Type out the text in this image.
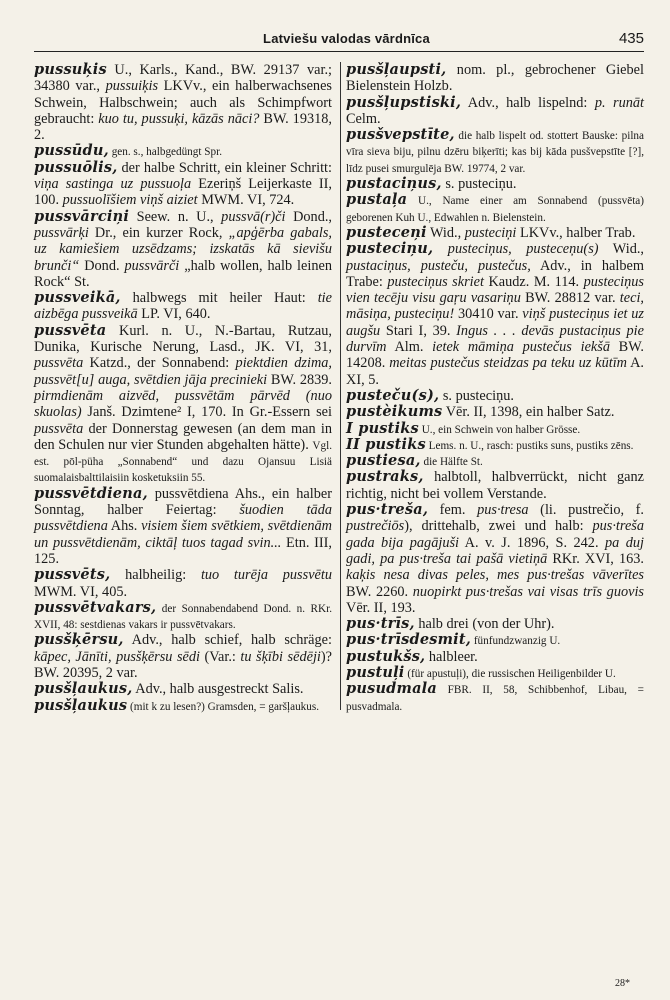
Latviešu valodas vārdnīca	435
pussuķis U., Karls., Kand., BW. 29137 var.; 34380 var., pussuiķis LKVv., ein halberwachsenes Schwein, Halbschwein; auch als Schimpfwort gebraucht: kuo tu, pussuķi, kāzās nāci? BW. 19318, 2.
pussūdu, gen. s., halbgedüngt Spr.
pussuōlis, der halbe Schritt, ein kleiner Schritt: viņa sastinga uz pussuoļa Ezeriņš Leijerkaste II, 100. pussuolīšiem viņš aiziet MWM. VI, 724.
pussvārciņi Seew. n. U., pussvā(r)či Dond., pussvārķi Dr., ein kurzer Rock, „apģērba gabals, uz kamiešiem uzsēdzams; izskatās kā sievišu brunči“ Dond. pussvārči „halb wollen, halb leinen Rock“ St.
pussveikā, halbwegs mit heiler Haut: tie aizbēga pussveikā LP. VI, 640.
pussvēta Kurl. n. U., N.-Bartau, Rutzau, Dunika, Kurische Nerung, Lasd., JK. VI, 31, pussvēta Katzd., der Sonnabend: piektdien dzima, pussvēt[u] auga, svētdien jāja precinieki BW. 2839. pirmdienām aizvēd, pussvētām pārvēd (nuo skuolas) Janš. Dzimtene² I, 170. In Gr.-Essern sei pussvēta der Donnerstag gewesen (an dem man in den Schulen nur vier Stunden abgehalten hätte). Vgl. est. pōl-püha „Sonnabend“ und dazu Ojansuu Lisiä suomalaisbalttilaisiin kosketuksiin 55.
pussvētdiena, pussvētdiena Ahs., ein halber Sonntag, halber Feiertag: šuodien tāda pussvētdiena Ahs. visiem šiem svētkiem, svētdienām un pussvētdienām, ciktāļ tuos tagad svin... Etn. III, 125.
pussvēts, halbheilig: tuo turēja pussvētu MWM. VI, 405.
pussvētvakars, der Sonnabendabend Dond. n. RKr. XVII, 48: sestdienas vakars ir pussvētvakars.
pusšķērsu, Adv., halb schief, halb schräge: kāpec, Jānīti, pusšķērsu sēdi (Var.: tu šķībi sēdēji)? BW. 20395, 2 var.
pusšļaukus, Adv., halb ausgestreckt Salis.
pusšļaukus (mit k zu lesen?) Gramsden, = garšļaukus.
pusšļaupsti, nom. pl., gebrochener Giebel Bielenstein Holzb.
pusšļupstiski, Adv., halb lispelnd: p. runāt Celm.
pusšvepstīte, die halb lispelt od. stottert Bauske: pilna vīra sieva biju, pilnu dzēru biķerīti; kas bij kāda pusšvepstīte [?], līdz pusei smurgulēja BW. 19774, 2 var.
pustaciņus, s. pusteciņu.
pustaļa U., Name einer am Sonnabend (pussvēta) geborenen Kuh U., Edwahlen n. Bielenstein.
pusteceņi Wid., pusteciņi LKVv., halber Trab.
pusteciņu, pusteciņus, pusteceņu(s) Wid., pustaciņus, pusteču, pustečus, Adv., in halbem Trabe: pusteciņus skriet Kaudz. M. 114. pusteciņus vien tecēju visu gaŗu vasariņu BW. 28812 var. teci, māsiņa, pusteciņu! 30410 var. viņš pusteciņus iet uz augšu Stari I, 39. Ingus . . . devās pustaciņus pie durvīm Alm. ietek māmiņa pustečus iekšā BW. 14208. meitas pustečus steidzas pa teku uz kūtīm A. XI, 5.
pusteču(s), s. pusteciņu.
pustèikums Vēr. II, 1398, ein halber Satz.
I pustiks U., ein Schwein von halber Grösse.
II pustiks Lems. n. U., rasch: pustiks suns, pustiks zēns.
pustiesa, die Hälfte St.
pustraks, halbtoll, halbverrückt, nicht ganz richtig, nicht bei vollem Verstande.
pus·treša, fem. pus·tresa (li. pustrečio, f. pustrečiōs), drittehalb, zwei und halb: pus·treša gada bija pagājuši A. v. J. 1896, S. 242. pa duj gadi, pa pus·treša tai pašā vietiņā RKr. XVI, 163. kaķis nesa divas peles, mes pus·trešas vāverītes BW. 2260. nuopirkt pus·trešas vai visas trīs guovis Vēr. II, 193.
pus·trīs, halb drei (von der Uhr).
pus·trīsdesmit, fünfundzwanzig U.
pustukšs, halbleer.
pustuļi (für apustuļi), die russischen Heiligenbilder U.
pusudmala FBR. II, 58, Schibbenhof, Libau, = pusvadmala.
28*
